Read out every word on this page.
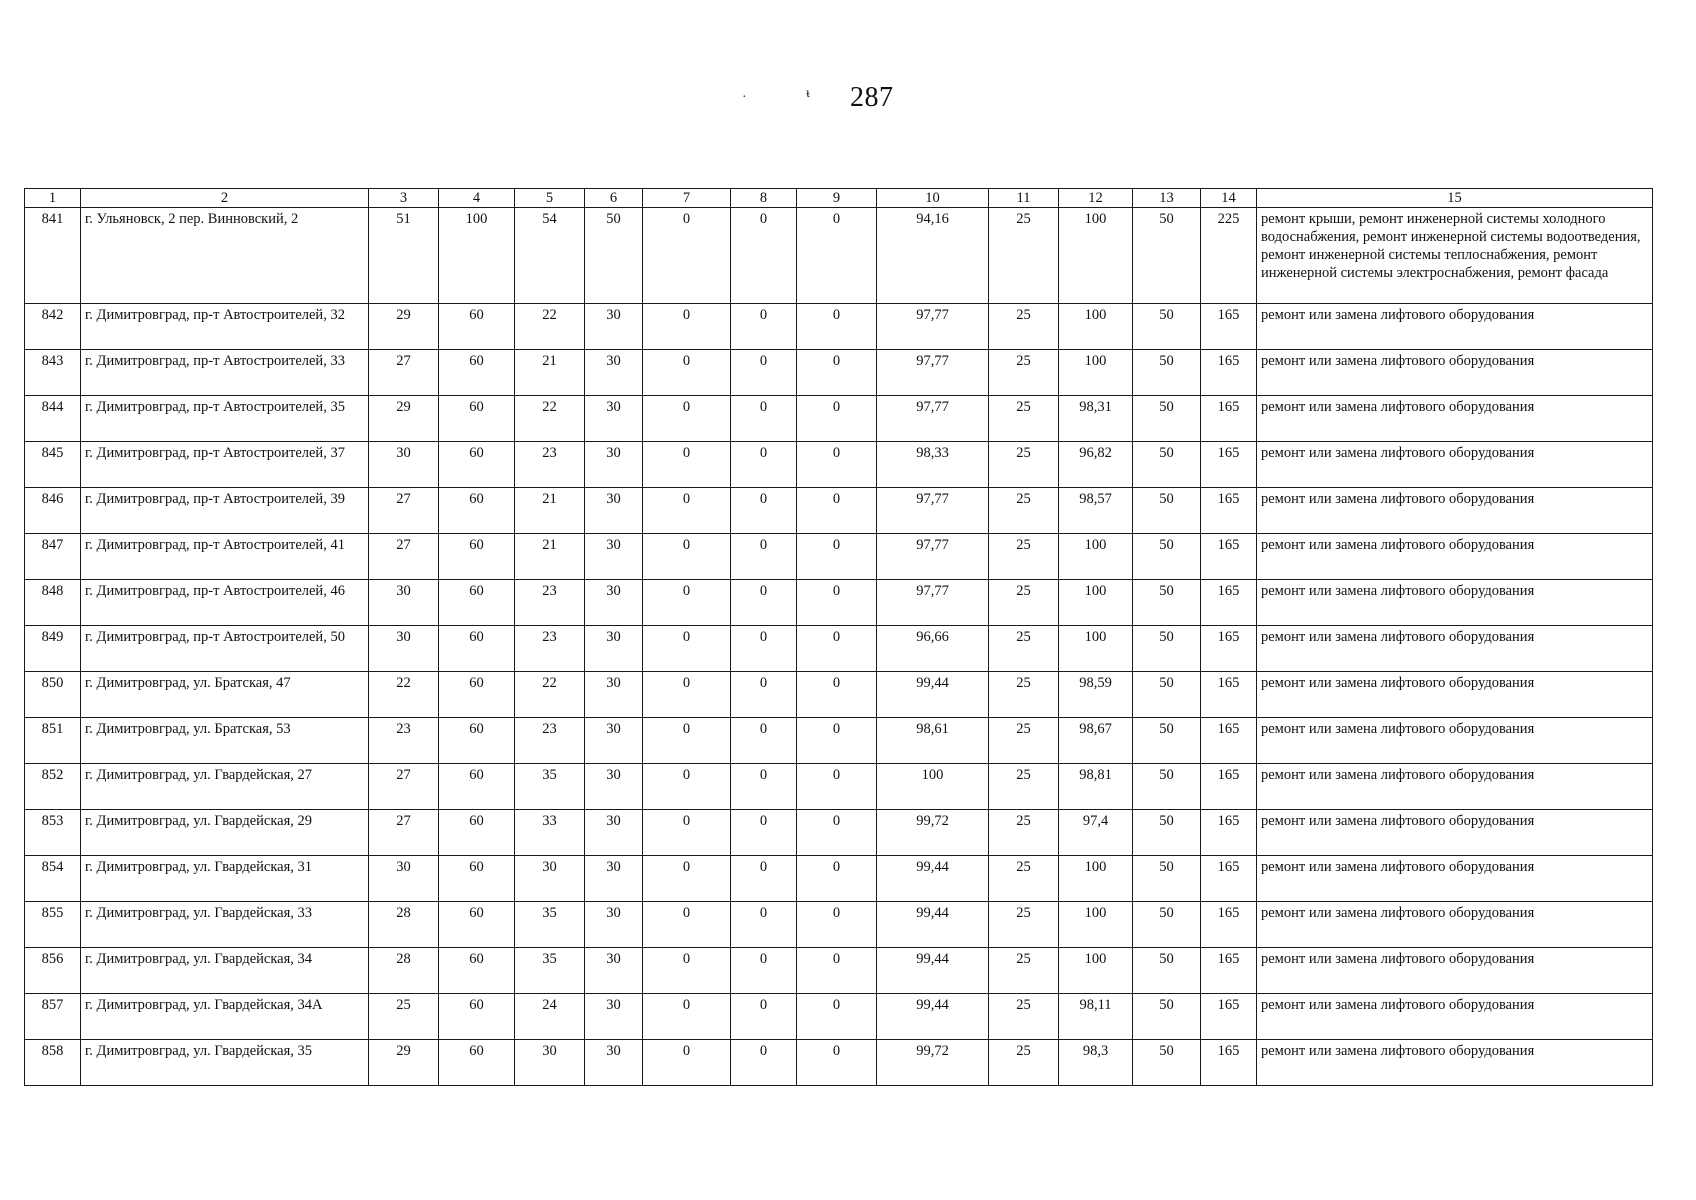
·	ᵼ 287
1	2	3	4	5	6	7	8	9	10	11	12	13	14	15
841	г. Ульяновск, 2 пер. Винновский, 2	51	100	54	50	0	0	0	94,16	25	100	50	225	ремонт крыши, ремонт инженерной системы холодного водоснабжения, ремонт инженерной системы водоотведения, ремонт инженерной системы теплоснабжения, ремонт инженерной системы электроснабжения, ремонт фасада
842	г. Димитровград, пр-т Автостроителей, 32	29	60	22	30	0	0	0	97,77	25	100	50	165	ремонт или замена лифтового оборудования
843	г. Димитровград, пр-т Автостроителей, 33	27	60	21	30	0	0	0	97,77	25	100	50	165	ремонт или замена лифтового оборудования
844	г. Димитровград, пр-т Автостроителей, 35	29	60	22	30	0	0	0	97,77	25	98,31	50	165	ремонт или замена лифтового оборудования
845	г. Димитровград, пр-т Автостроителей, 37	30	60	23	30	0	0	0	98,33	25	96,82	50	165	ремонт или замена лифтового оборудования
846	г. Димитровград, пр-т Автостроителей, 39	27	60	21	30	0	0	0	97,77	25	98,57	50	165	ремонт или замена лифтового оборудования
847	г. Димитровград, пр-т Автостроителей, 41	27	60	21	30	0	0	0	97,77	25	100	50	165	ремонт или замена лифтового оборудования
848	г. Димитровград, пр-т Автостроителей, 46	30	60	23	30	0	0	0	97,77	25	100	50	165	ремонт или замена лифтового оборудования
849	г. Димитровград, пр-т Автостроителей, 50	30	60	23	30	0	0	0	96,66	25	100	50	165	ремонт или замена лифтового оборудования
850	г. Димитровград, ул. Братская, 47	22	60	22	30	0	0	0	99,44	25	98,59	50	165	ремонт или замена лифтового оборудования
851	г. Димитровград, ул. Братская, 53	23	60	23	30	0	0	0	98,61	25	98,67	50	165	ремонт или замена лифтового оборудования
852	г. Димитровград, ул. Гвардейская, 27	27	60	35	30	0	0	0	100	25	98,81	50	165	ремонт или замена лифтового оборудования
853	г. Димитровград, ул. Гвардейская, 29	27	60	33	30	0	0	0	99,72	25	97,4	50	165	ремонт или замена лифтового оборудования
854	г. Димитровград, ул. Гвардейская, 31	30	60	30	30	0	0	0	99,44	25	100	50	165	ремонт или замена лифтового оборудования
855	г. Димитровград, ул. Гвардейская, 33	28	60	35	30	0	0	0	99,44	25	100	50	165	ремонт или замена лифтового оборудования
856	г. Димитровград, ул. Гвардейская, 34	28	60	35	30	0	0	0	99,44	25	100	50	165	ремонт или замена лифтового оборудования
857	г. Димитровград, ул. Гвардейская, 34А	25	60	24	30	0	0	0	99,44	25	98,11	50	165	ремонт или замена лифтового оборудования
858	г. Димитровград, ул. Гвардейская, 35	29	60	30	30	0	0	0	99,72	25	98,3	50	165	ремонт или замена лифтового оборудования
